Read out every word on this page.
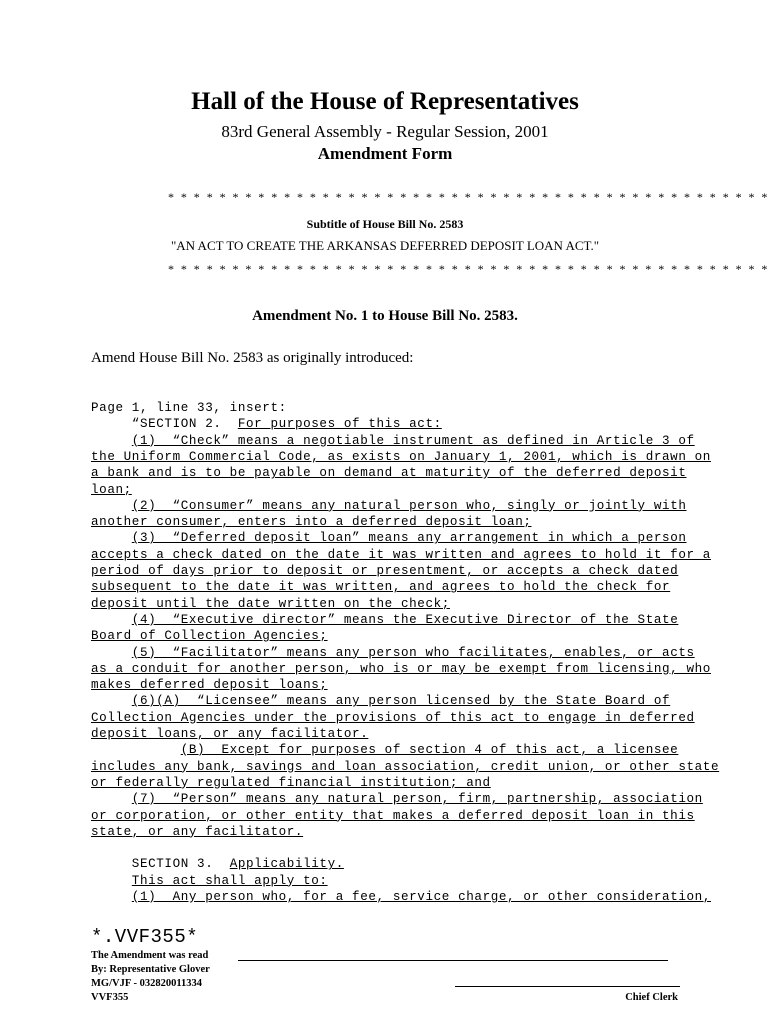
Hall of the House of Representatives
83rd General Assembly - Regular Session, 2001
Amendment Form
* * * * * * * * * * * * * * * * * * * * * * * * * * * * * * * * * * * * * * * * * * * * * * *
Subtitle of House Bill No. 2583
"AN ACT TO CREATE THE ARKANSAS DEFERRED DEPOSIT LOAN ACT."
* * * * * * * * * * * * * * * * * * * * * * * * * * * * * * * * * * * * * * * * * * * * * * *
Amendment No. 1 to House Bill No. 2583.
Amend House Bill No. 2583 as originally introduced:
Page 1, line 33, insert:
“SECTION 2.  For purposes of this act:
(1)  “Check” means a negotiable instrument as defined in Article 3 of
the Uniform Commercial Code, as exists on January 1, 2001, which is drawn on
a bank and is to be payable on demand at maturity of the deferred deposit
loan;
(2)  “Consumer” means any natural person who, singly or jointly with
another consumer, enters into a deferred deposit loan;
(3)  “Deferred deposit loan” means any arrangement in which a person
accepts a check dated on the date it was written and agrees to hold it for a
period of days prior to deposit or presentment, or accepts a check dated
subsequent to the date it was written, and agrees to hold the check for
deposit until the date written on the check;
(4)  “Executive director” means the Executive Director of the State
Board of Collection Agencies;
(5)  “Facilitator” means any person who facilitates, enables, or acts
as a conduit for another person, who is or may be exempt from licensing, who
makes deferred deposit loans;
(6)(A)  “Licensee” means any person licensed by the State Board of
Collection Agencies under the provisions of this act to engage in deferred
deposit loans, or any facilitator.
(B)  Except for purposes of section 4 of this act, a licensee
includes any bank, savings and loan association, credit union, or other state
or federally regulated financial institution; and
(7)  “Person” means any natural person, firm, partnership, association
or corporation, or other entity that makes a deferred deposit loan in this
state, or any facilitator.
SECTION 3.  Applicability.
This act shall apply to:
(1)  Any person who, for a fee, service charge, or other consideration,
*.VVF355*
The Amendment was read
By: Representative Glover
MG/VJF - 032820011334
VVF355	Chief Clerk
